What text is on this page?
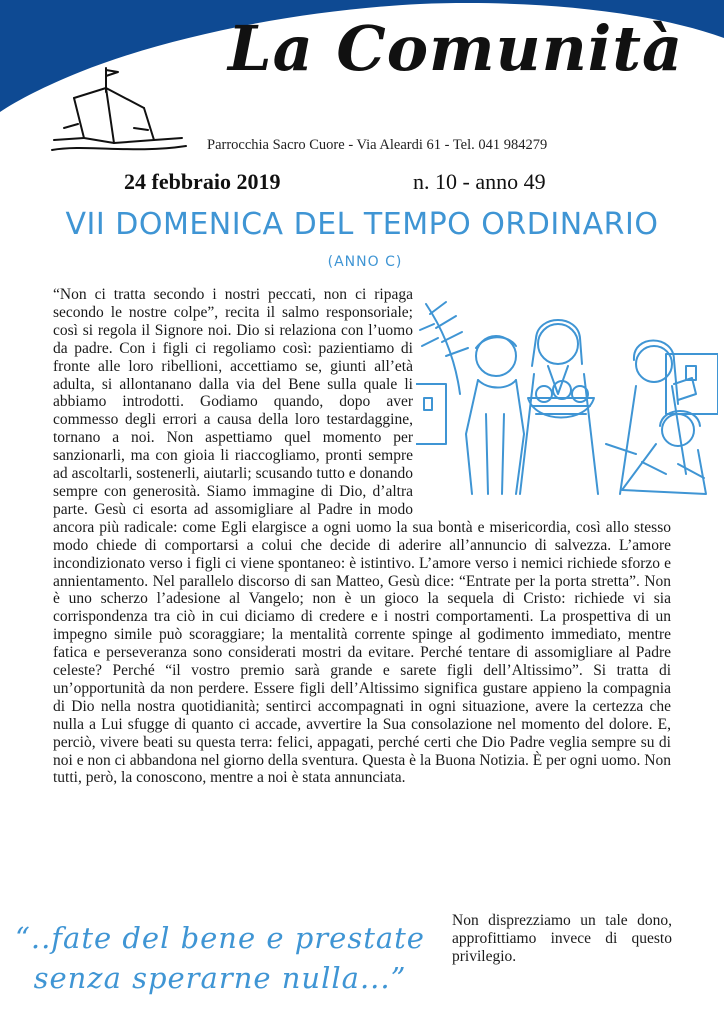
La Comunità
Parrocchia Sacro Cuore - Via Aleardi 61 - Tel. 041 984279
24 febbraio 2019	n. 10 - anno 49
VII DOMENICA DEL TEMPO ORDINARIO
(ANNO C)

“Non ci tratta secondo i nostri peccati, non ci ripaga secondo le nostre colpe”, recita il salmo responsoriale; così si regola il Signore noi. Dio si relaziona con l’uomo da padre. Con i figli ci regoliamo così: pazientiamo di fronte alle loro ribellioni, accettiamo se, giunti all’età adulta, si allontanano dalla via del Bene sulla quale li abbiamo introdotti. Godiamo quando, dopo aver commesso degli errori a causa della loro testardaggine, tornano a noi. Non aspettiamo quel momento per sanzionarli, ma con gioia li riaccogliamo, pronti sempre ad ascoltarli, sostenerli, aiutarli; scusando tutto e donando sempre con generosità. Siamo immagine di Dio, d’altra parte. Gesù ci esorta ad assomigliare al Padre in modo ancora più radicale: come Egli elargisce a ogni uomo la sua bontà e misericordia, così allo stesso modo chiede di comportarsi a colui che decide di aderire all’annuncio di salvezza. L’amore incondizionato verso i figli ci viene spontaneo: è istintivo. L’amore verso i nemici richiede sforzo e annientamento. Nel parallelo discorso di san Matteo, Gesù dice: “Entrate per la porta stretta”. Non è uno scherzo l’adesione al Vangelo; non è un gioco la sequela di Cristo: richiede vi sia corrispondenza tra ciò in cui diciamo di credere e i nostri comportamenti. La prospettiva di un impegno simile può scoraggiare; la mentalità corrente spinge al godimento immediato, mentre fatica e perseveranza sono considerati mostri da evitare. Perché tentare di assomigliare al Padre celeste? Perché “il vostro premio sarà grande e sarete figli dell’Altissimo”. Si tratta di un’opportunità da non perdere. Essere figli dell’Altissimo significa gustare appieno la compagnia di Dio nella nostra quotidianità; sentirci accompagnati in ogni situazione, avere la certezza che nulla a Lui sfugge di quanto ci accade, avvertire la Sua consolazione nel momento del dolore. E, perciò, vivere beati su questa terra: felici, appagati, perché certi che Dio Padre veglia sempre su di noi e non ci abbandona nel giorno della sventura. Questa è la Buona Notizia. È per ogni uomo. Non tutti, però, la conoscono, mentre a noi è stata annunciata.

“..fate del bene e prestate
senza sperarne nulla...”
Non disprezziamo un tale dono, approfittiamo invece di questo privilegio.
